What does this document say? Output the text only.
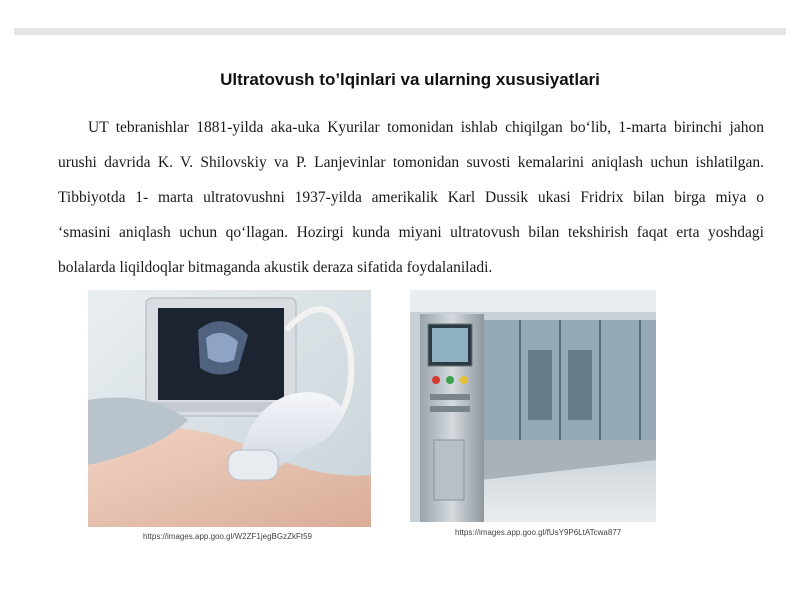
Ultratovush to’lqinlari va ularning xususiyatlari

UT tebranishlar 1881-yilda aka-uka Kyurilar tomonidan ishlab chiqilgan bo‘lib, 1-marta birinchi jahon
urushi davrida K. V. Shilovskiy va P. Lanjevinlar tomonidan suvosti kemalarini aniqlash uchun ishlatilgan.
Tibbiyotda 1- marta ultratovushni 1937-yilda amerikalik Karl Dussik ukasi Fridrix bilan birga miya o
‘smasini aniqlash uchun qo‘llagan. Hozirgi kunda miyani ultratovush bilan tekshirish faqat erta yoshdagi
bolalarda liqildoqlar bitmaganda akustik deraza sifatida foydalaniladi.

https://images.app.goo.gl/W2ZF1jegBGzZkFt59	https://images.app.goo.gl/fUsY9P6LtATcwa877
